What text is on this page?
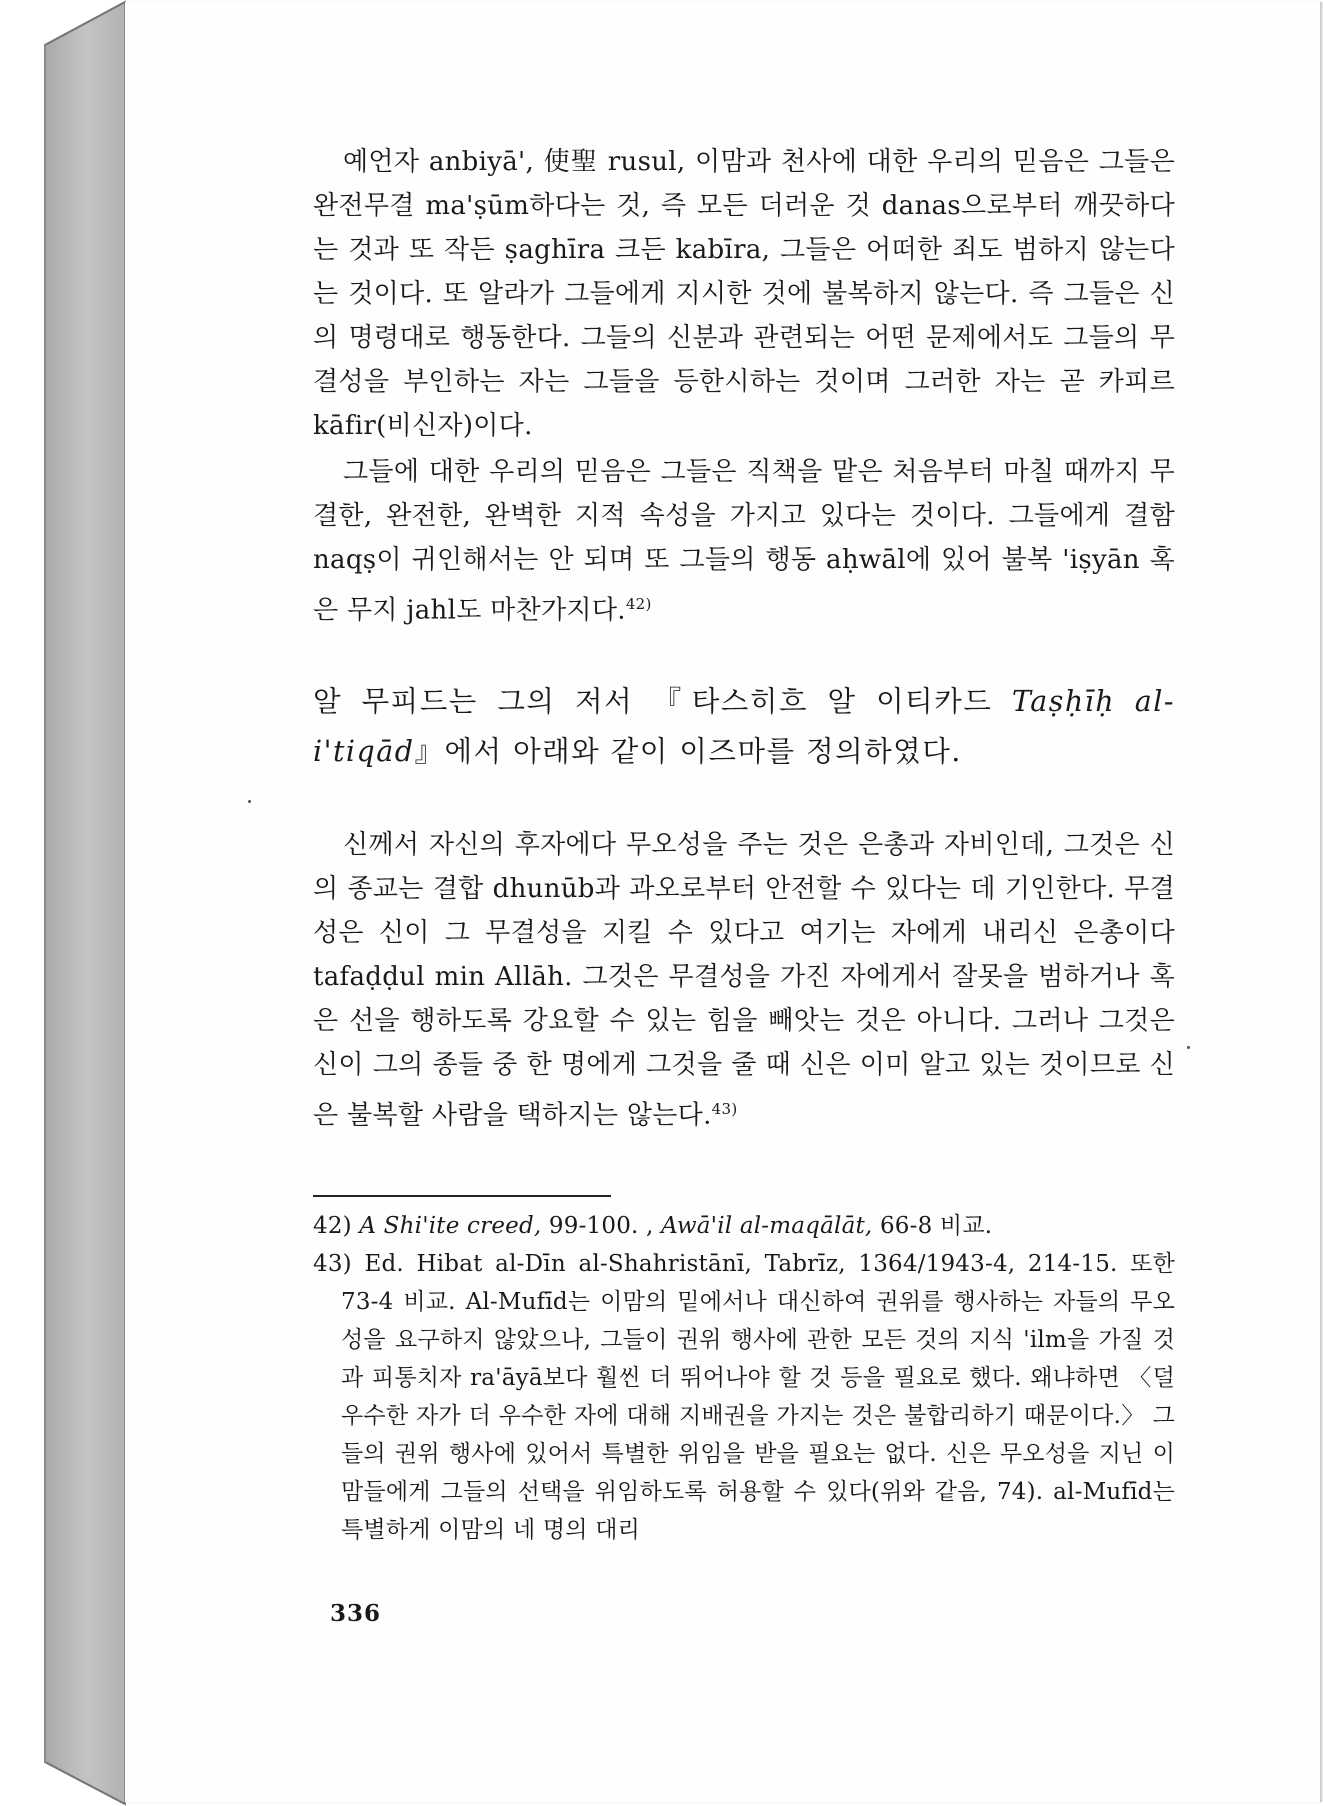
예언자 anbiyā', 使聖 rusul, 이맘과 천사에 대한 우리의 믿음은 그들은 완전무결 ma'ṣūm하다는 것, 즉 모든 더러운 것 danas으로부터 깨끗하다는 것과 또 작든 ṣaghīra 크든 kabīra, 그들은 어떠한 죄도 범하지 않는다는 것이다. 또 알라가 그들에게 지시한 것에 불복하지 않는다. 즉 그들은 신의 명령대로 행동한다. 그들의 신분과 관련되는 어떤 문제에서도 그들의 무결성을 부인하는 자는 그들을 등한시하는 것이며 그러한 자는 곧 카피르 kāfir(비신자)이다.

그들에 대한 우리의 믿음은 그들은 직책을 맡은 처음부터 마칠 때까지 무결한, 완전한, 완벽한 지적 속성을 가지고 있다는 것이다. 그들에게 결함 naqṣ이 귀인해서는 안 되며 또 그들의 행동 aḥwāl에 있어 불복 'iṣyān 혹은 무지 jahl도 마찬가지다.$^{42)}$

알 무피드는 그의 저서 『타스히흐 알 이티카드 Taṣḥīḥ al-i'tiqād』에서 아래와 같이 이즈마를 정의하였다.

신께서 자신의 후자에다 무오성을 주는 것은 은총과 자비인데, 그것은 신의 종교는 결합 dhunūb과 과오로부터 안전할 수 있다는 데 기인한다. 무결성은 신이 그 무결성을 지킬 수 있다고 여기는 자에게 내리신 은총이다 tafaḍḍul min Allāh. 그것은 무결성을 가진 자에게서 잘못을 범하거나 혹은 선을 행하도록 강요할 수 있는 힘을 빼앗는 것은 아니다. 그러나 그것은 신이 그의 종들 중 한 명에게 그것을 줄 때 신은 이미 알고 있는 것이므로 신은 불복할 사람을 택하지는 않는다.$^{43)}$

42) A Shi'ite creed, 99-100. , Awā'il al-maqālāt, 66-8 비교.

43) Ed. Hibat al-Dīn al-Shahristānī, Tabrīz, 1364/1943-4, 214-15. 또한 73-4 비교. Al-Mufīd는 이맘의 밑에서나 대신하여 권위를 행사하는 자들의 무오성을 요구하지 않았으나, 그들이 권위 행사에 관한 모든 것의 지식 'ilm을 가질 것과 피통치자 ra'āyā보다 훨씬 더 뛰어나야 할 것 등을 필요로 했다. 왜냐하면 〈덜 우수한 자가 더 우수한 자에 대해 지배권을 가지는 것은 불합리하기 때문이다.〉 그들의 권위 행사에 있어서 특별한 위임을 받을 필요는 없다. 신은 무오성을 지닌 이맘들에게 그들의 선택을 위임하도록 허용할 수 있다(위와 같음, 74). al-Mufīd는 특별하게 이맘의 네 명의 대리

336
